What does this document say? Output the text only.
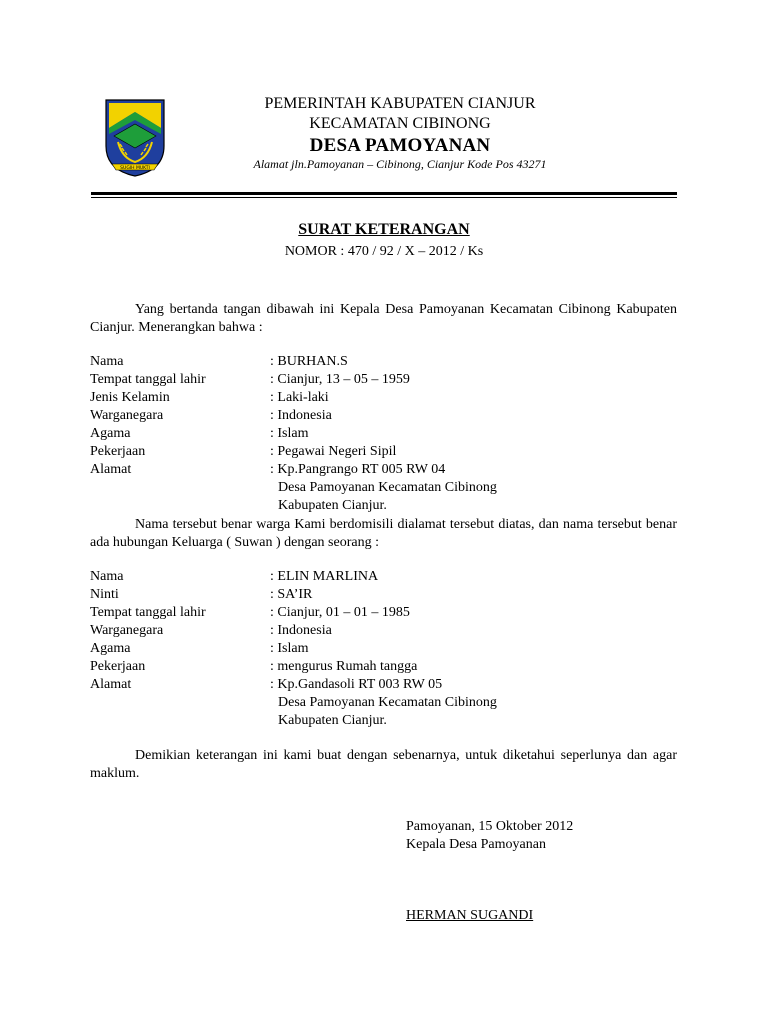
SUGIH MUKTI
PEMERINTAH KABUPATEN CIANJUR
KECAMATAN CIBINONG
DESA PAMOYANAN
Alamat jln.Pamoyanan – Cibinong, Cianjur Kode Pos 43271
SURAT KETERANGAN
NOMOR : 470 / 92 / X – 2012 / Ks
Yang bertanda tangan dibawah ini Kepala Desa Pamoyanan Kecamatan Cibinong Kabupaten Cianjur. Menerangkan bahwa :
Nama	: BURHAN.S
Tempat tanggal lahir	: Cianjur, 13 – 05 – 1959
Jenis Kelamin	: Laki-laki
Warganegara	: Indonesia
Agama	: Islam
Pekerjaan	: Pegawai Negeri Sipil
Alamat	: Kp.Pangrango RT 005 RW 04
Desa Pamoyanan Kecamatan Cibinong
Kabupaten Cianjur.
Nama tersebut benar warga Kami berdomisili dialamat tersebut diatas, dan nama tersebut benar ada hubungan Keluarga ( Suwan ) dengan seorang :
Nama	: ELIN MARLINA
Ninti	: SA’IR
Tempat tanggal lahir	: Cianjur, 01 – 01 – 1985
Warganegara	: Indonesia
Agama	: Islam
Pekerjaan	: mengurus Rumah tangga
Alamat	: Kp.Gandasoli RT 003 RW 05
Desa Pamoyanan Kecamatan Cibinong
Kabupaten Cianjur.
Demikian keterangan ini kami buat dengan sebenarnya, untuk diketahui seperlunya dan agar maklum.
Pamoyanan, 15 Oktober 2012
Kepala Desa Pamoyanan
HERMAN SUGANDI
